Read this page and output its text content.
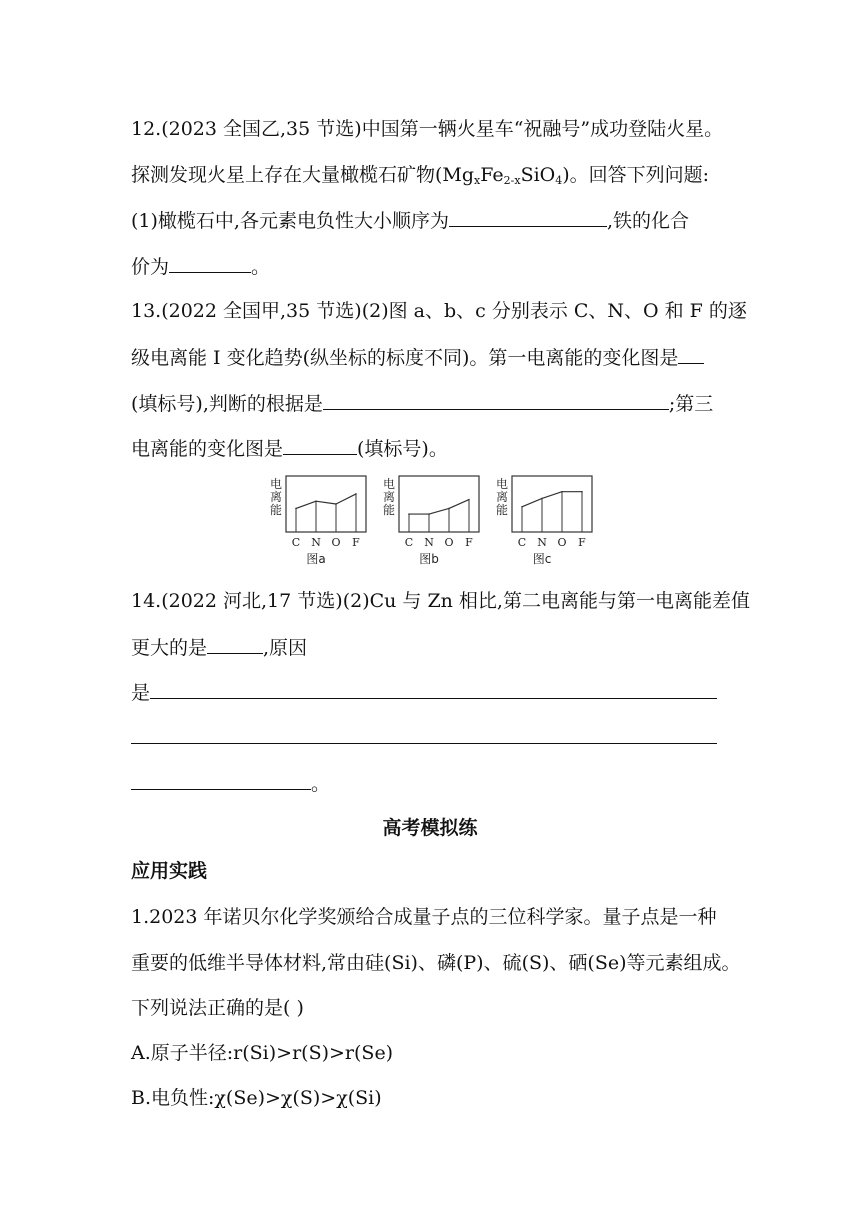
12.(2023 全国乙,35 节选)中国第一辆火星车“祝融号”成功登陆火星。
探测发现火星上存在大量橄榄石矿物$(Mg_xFe_{2-x}SiO_4)$。回答下列问题:
(1)橄榄石中,各元素电负性大小顺序为	,铁的化合
价为	。
13.(2022 全国甲,35 节选)(2)图 a、b、c 分别表示 C、N、O 和 F 的逐
级电离能 I 变化趋势(纵坐标的标度不同)。第一电离能的变化图是
(填标号),判断的根据是	;第三
电离能的变化图是	(填标号)。
电离能
C N O F
图a
电离能
C N O F
图b
电离能
C N O F
图c
14.(2022 河北,17 节选)(2)Cu 与 Zn 相比,第二电离能与第一电离能差值
更大的是	,原因
是
。
高考模拟练
应用实践
1.2023 年诺贝尔化学奖颁给合成量子点的三位科学家。量子点是一种
重要的低维半导体材料,常由硅(Si)、磷(P)、硫(S)、硒(Se)等元素组成。
下列说法正确的是( )
A.原子半径:r(Si)>r(S)>r(Se)
B.电负性:χ(Se)>χ(S)>χ(Si)
